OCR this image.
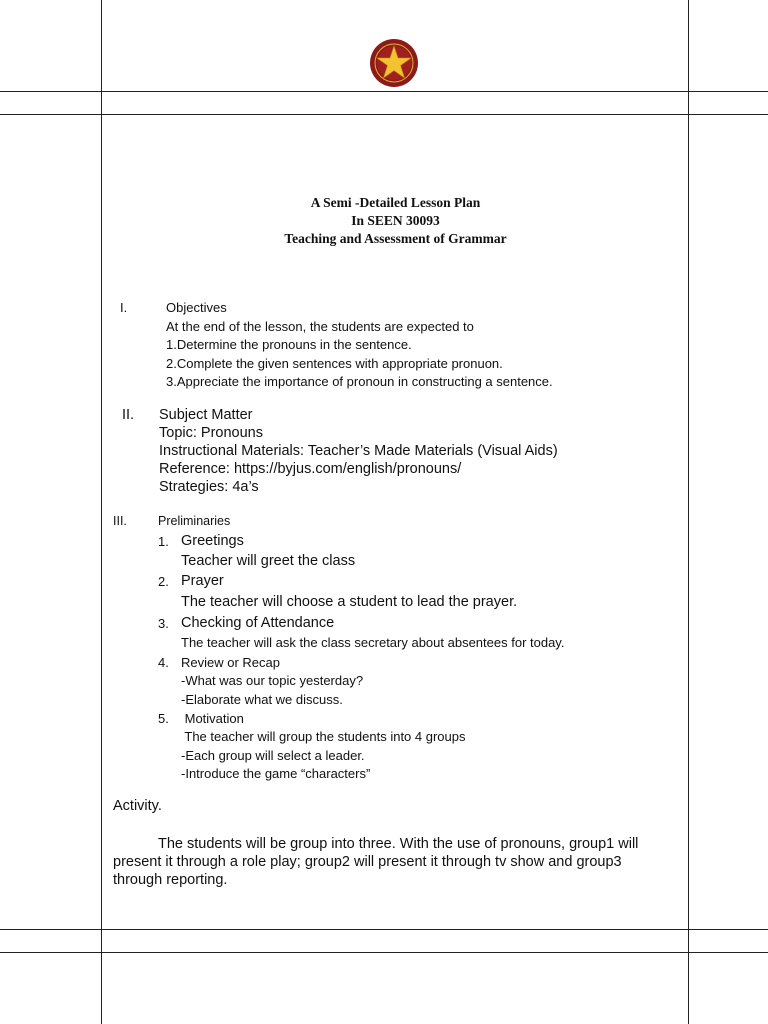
A Semi -Detailed Lesson Plan
In SEEN 30093
Teaching and Assessment of Grammar
I.	Objectives
At the end of the lesson, the students are expected to
1.Determine the pronouns in the sentence.
2.Complete the given sentences with appropriate pronuon.
3.Appreciate the importance of pronoun in constructing a sentence.
II. Subject Matter
Topic: Pronouns
Instructional Materials: Teacher’s Made Materials (Visual Aids)
Reference: https://byjus.com/english/pronouns/
Strategies: 4a’s
III. Preliminaries
1. Greetings
Teacher will greet the class
2. Prayer
The teacher will choose a student to lead the prayer.
3. Checking of Attendance
The teacher will ask the class secretary about absentees for today.
4. Review or Recap
-What was our topic yesterday?
-Elaborate what we discuss.
5. Motivation
The teacher will group the students into 4 groups
-Each group will select a leader.
-Introduce the game “characters”
Activity.
The students will be group into three. With the use of pronouns, group1 will present it through a role play; group2 will present it through tv show and group3 through reporting.
